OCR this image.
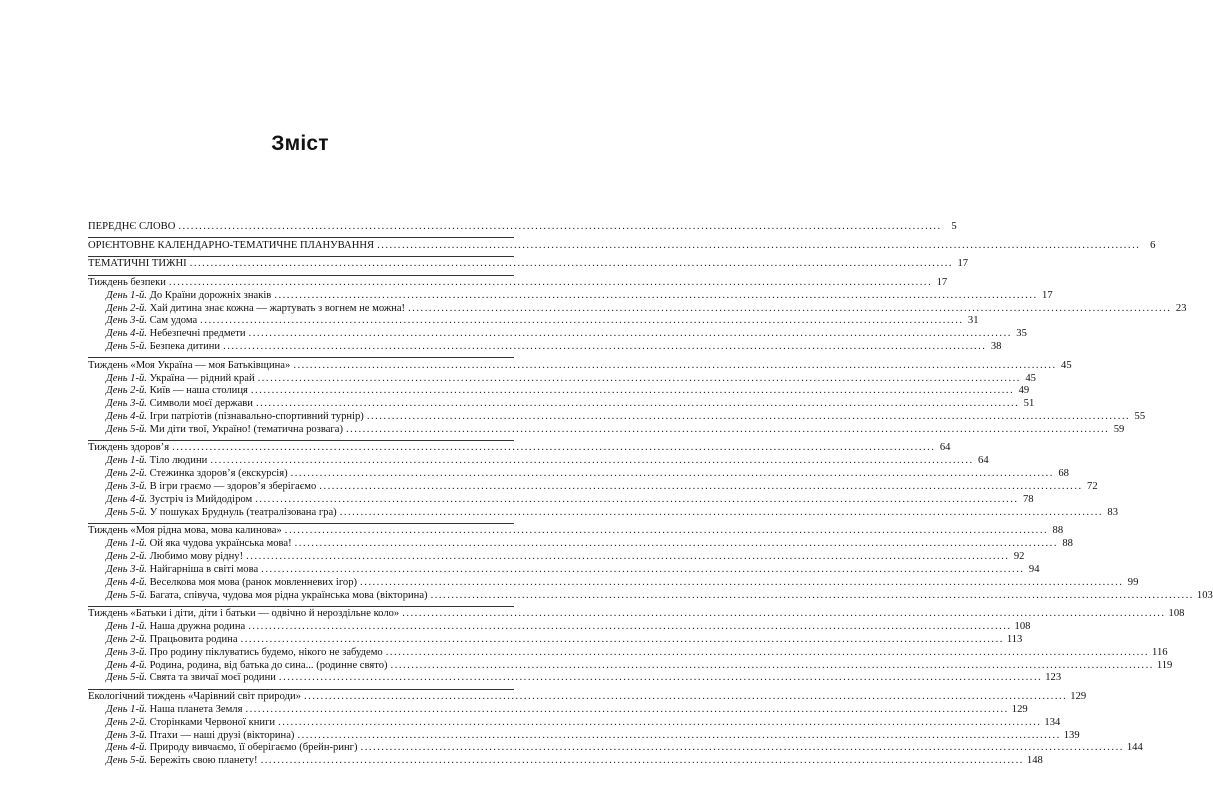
Зміст
ПЕРЕДНЄ СЛОВО .....	5
ОРІЄНТОВНЕ КАЛЕНДАРНО-ТЕМАТИЧНЕ ПЛАНУВАННЯ .....	6
ТЕМАТИЧНІ ТИЖНІ .....	17
Тиждень безпеки .....	17
День 1-й. До Країни дорожніх знаків .....	17
День 2-й. Хай дитина знає кожна — жартувать з вогнем не можна! .....	23
День 3-й. Сам удома .....	31
День 4-й. Небезпечні предмети .....	35
День 5-й. Безпека дитини .....	38
Тиждень «Моя Україна — моя Батьківщина» .....	45
День 1-й. Україна — рідний край .....	45
День 2-й. Київ — наша столиця .....	49
День 3-й. Символи моєї держави .....	51
День 4-й. Ігри патріотів (пізнавально-спортивний турнір) .....	55
День 5-й. Ми діти твої, Україно! (тематична розвага) .....	59
Тиждень здоров’я .....	64
День 1-й. Тіло людини .....	64
День 2-й. Стежинка здоров’я (екскурсія) .....	68
День 3-й. В ігри граємо — здоров’я зберігаємо .....	72
День 4-й. Зустріч із Мийдодіром .....	78
День 5-й. У пошуках Бруднуль (театралізована гра) .....	83
Тиждень «Моя рідна мова, мова калинова» .....	88
День 1-й. Ой яка чудова українська мова! .....	88
День 2-й. Любимо мову рідну! .....	92
День 3-й. Найгарніша в світі мова .....	94
День 4-й. Веселкова моя мова (ранок мовленневих ігор) .....	99
День 5-й. Багата, співуча, чудова моя рідна українська мова (вікторина) .....	103
Тиждень «Батьки і діти, діти і батьки — одвічно й нероздільне коло» .....	108
День 1-й. Наша дружна родина .....	108
День 2-й. Працьовита родина .....	113
День 3-й. Про родину піклуватись будемо, нікого не забудемо .....	116
День 4-й. Родина, родина, від батька до сина... (родинне свято) .....	119
День 5-й. Свята та звичаї моєї родини .....	123
Екологічний тиждень «Чарівний світ природи» .....	129
День 1-й. Наша планета Земля .....	129
День 2-й. Сторінками Червоної книги .....	134
День 3-й. Птахи — наші друзі (вікторина) .....	139
День 4-й. Природу вивчаємо, її оберігаємо (брейн-ринг) .....	144
День 5-й. Бережіть свою планету! .....	148
